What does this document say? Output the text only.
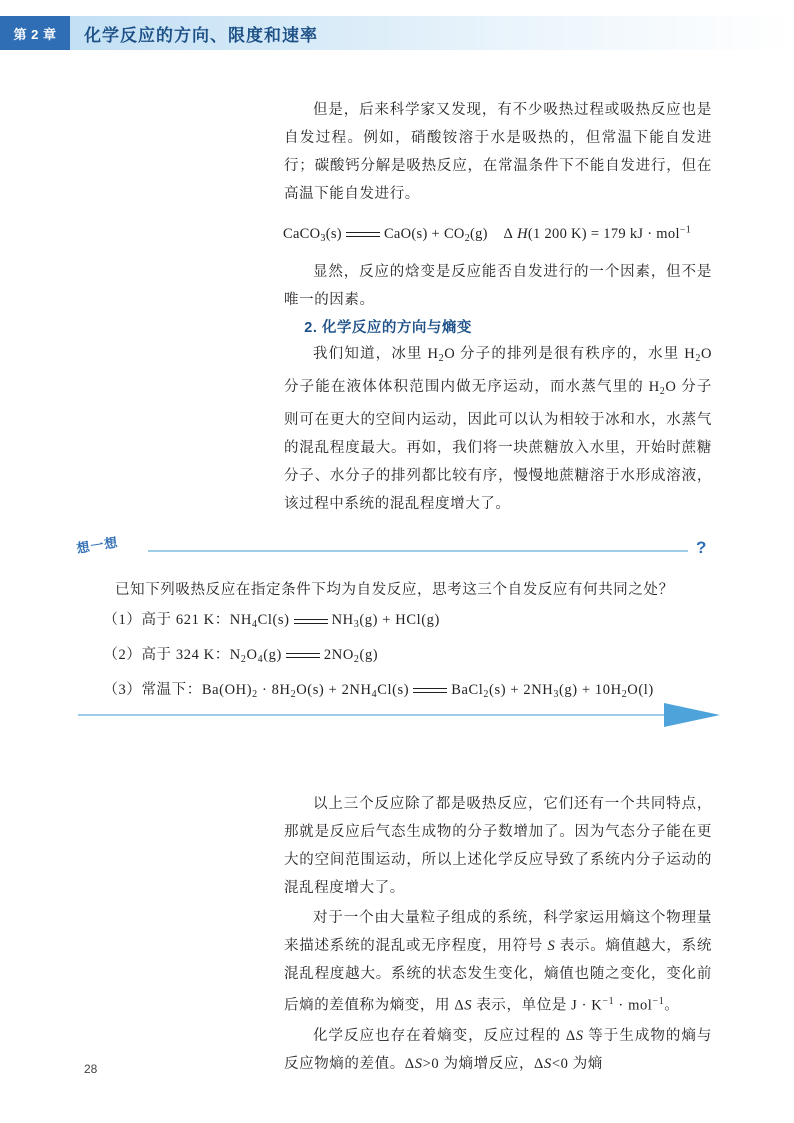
第 2 章	化学反应的方向、限度和速率

但是，后来科学家又发现，有不少吸热过程或吸热反应也是自发过程。例如，硝酸铵溶于水是吸热的，但常温下能自发进行；碳酸钙分解是吸热反应，在常温条件下不能自发进行，但在高温下能自发进行。

CaCO$_3$(s)	$CaO(s) + CO_2(g)$ Δ H(1 200 K) = 179 kJ · mol$^{-1}$

显然，反应的焓变是反应能否自发进行的一个因素，但不是唯一的因素。

2. 化学反应的方向与熵变

我们知道，冰里 $H_2O$ 分子的排列是很有秩序的，水里 $H_2O$ 分子能在液体体积范围内做无序运动，而水蒸气里的 $H_2O$ 分子则可在更大的空间内运动，因此可以认为相较于冰和水，水蒸气的混乱程度最大。再如，我们将一块蔗糖放入水里，开始时蔗糖分子、水分子的排列都比较有序，慢慢地蔗糖溶于水形成溶液，该过程中系统的混乱程度增大了。

想一想	?

已知下列吸热反应在指定条件下均为自发反应，思考这三个自发反应有何共同之处？

（1）高于 621 K：$NH_4Cl(s)$	$NH_3(g) + HCl(g)$

（2）高于 324 K：$N_2O_4(g)$	$2NO_2(g)$

（3）常温下：$Ba(OH)_2 \cdot 8H_2O(s) + 2NH_4Cl(s)$	BaCl$_2$(s) + $2NH_3(g) + 10H_2O(l)$

以上三个反应除了都是吸热反应，它们还有一个共同特点，那就是反应后气态生成物的分子数增加了。因为气态分子能在更大的空间范围运动，所以上述化学反应导致了系统内分子运动的混乱程度增大了。

对于一个由大量粒子组成的系统，科学家运用熵这个物理量来描述系统的混乱或无序程度，用符号 S 表示。熵值越大，系统混乱程度越大。系统的状态发生变化，熵值也随之变化，变化前后熵的差值称为熵变，用 ΔS 表示，单位是 $J \cdot K^{-1} \cdot mol^{-1}$。

化学反应也存在着熵变，反应过程的 ΔS 等于生成物的熵与反应物熵的差值。ΔS>0 为熵增反应，ΔS<0 为熵

28
